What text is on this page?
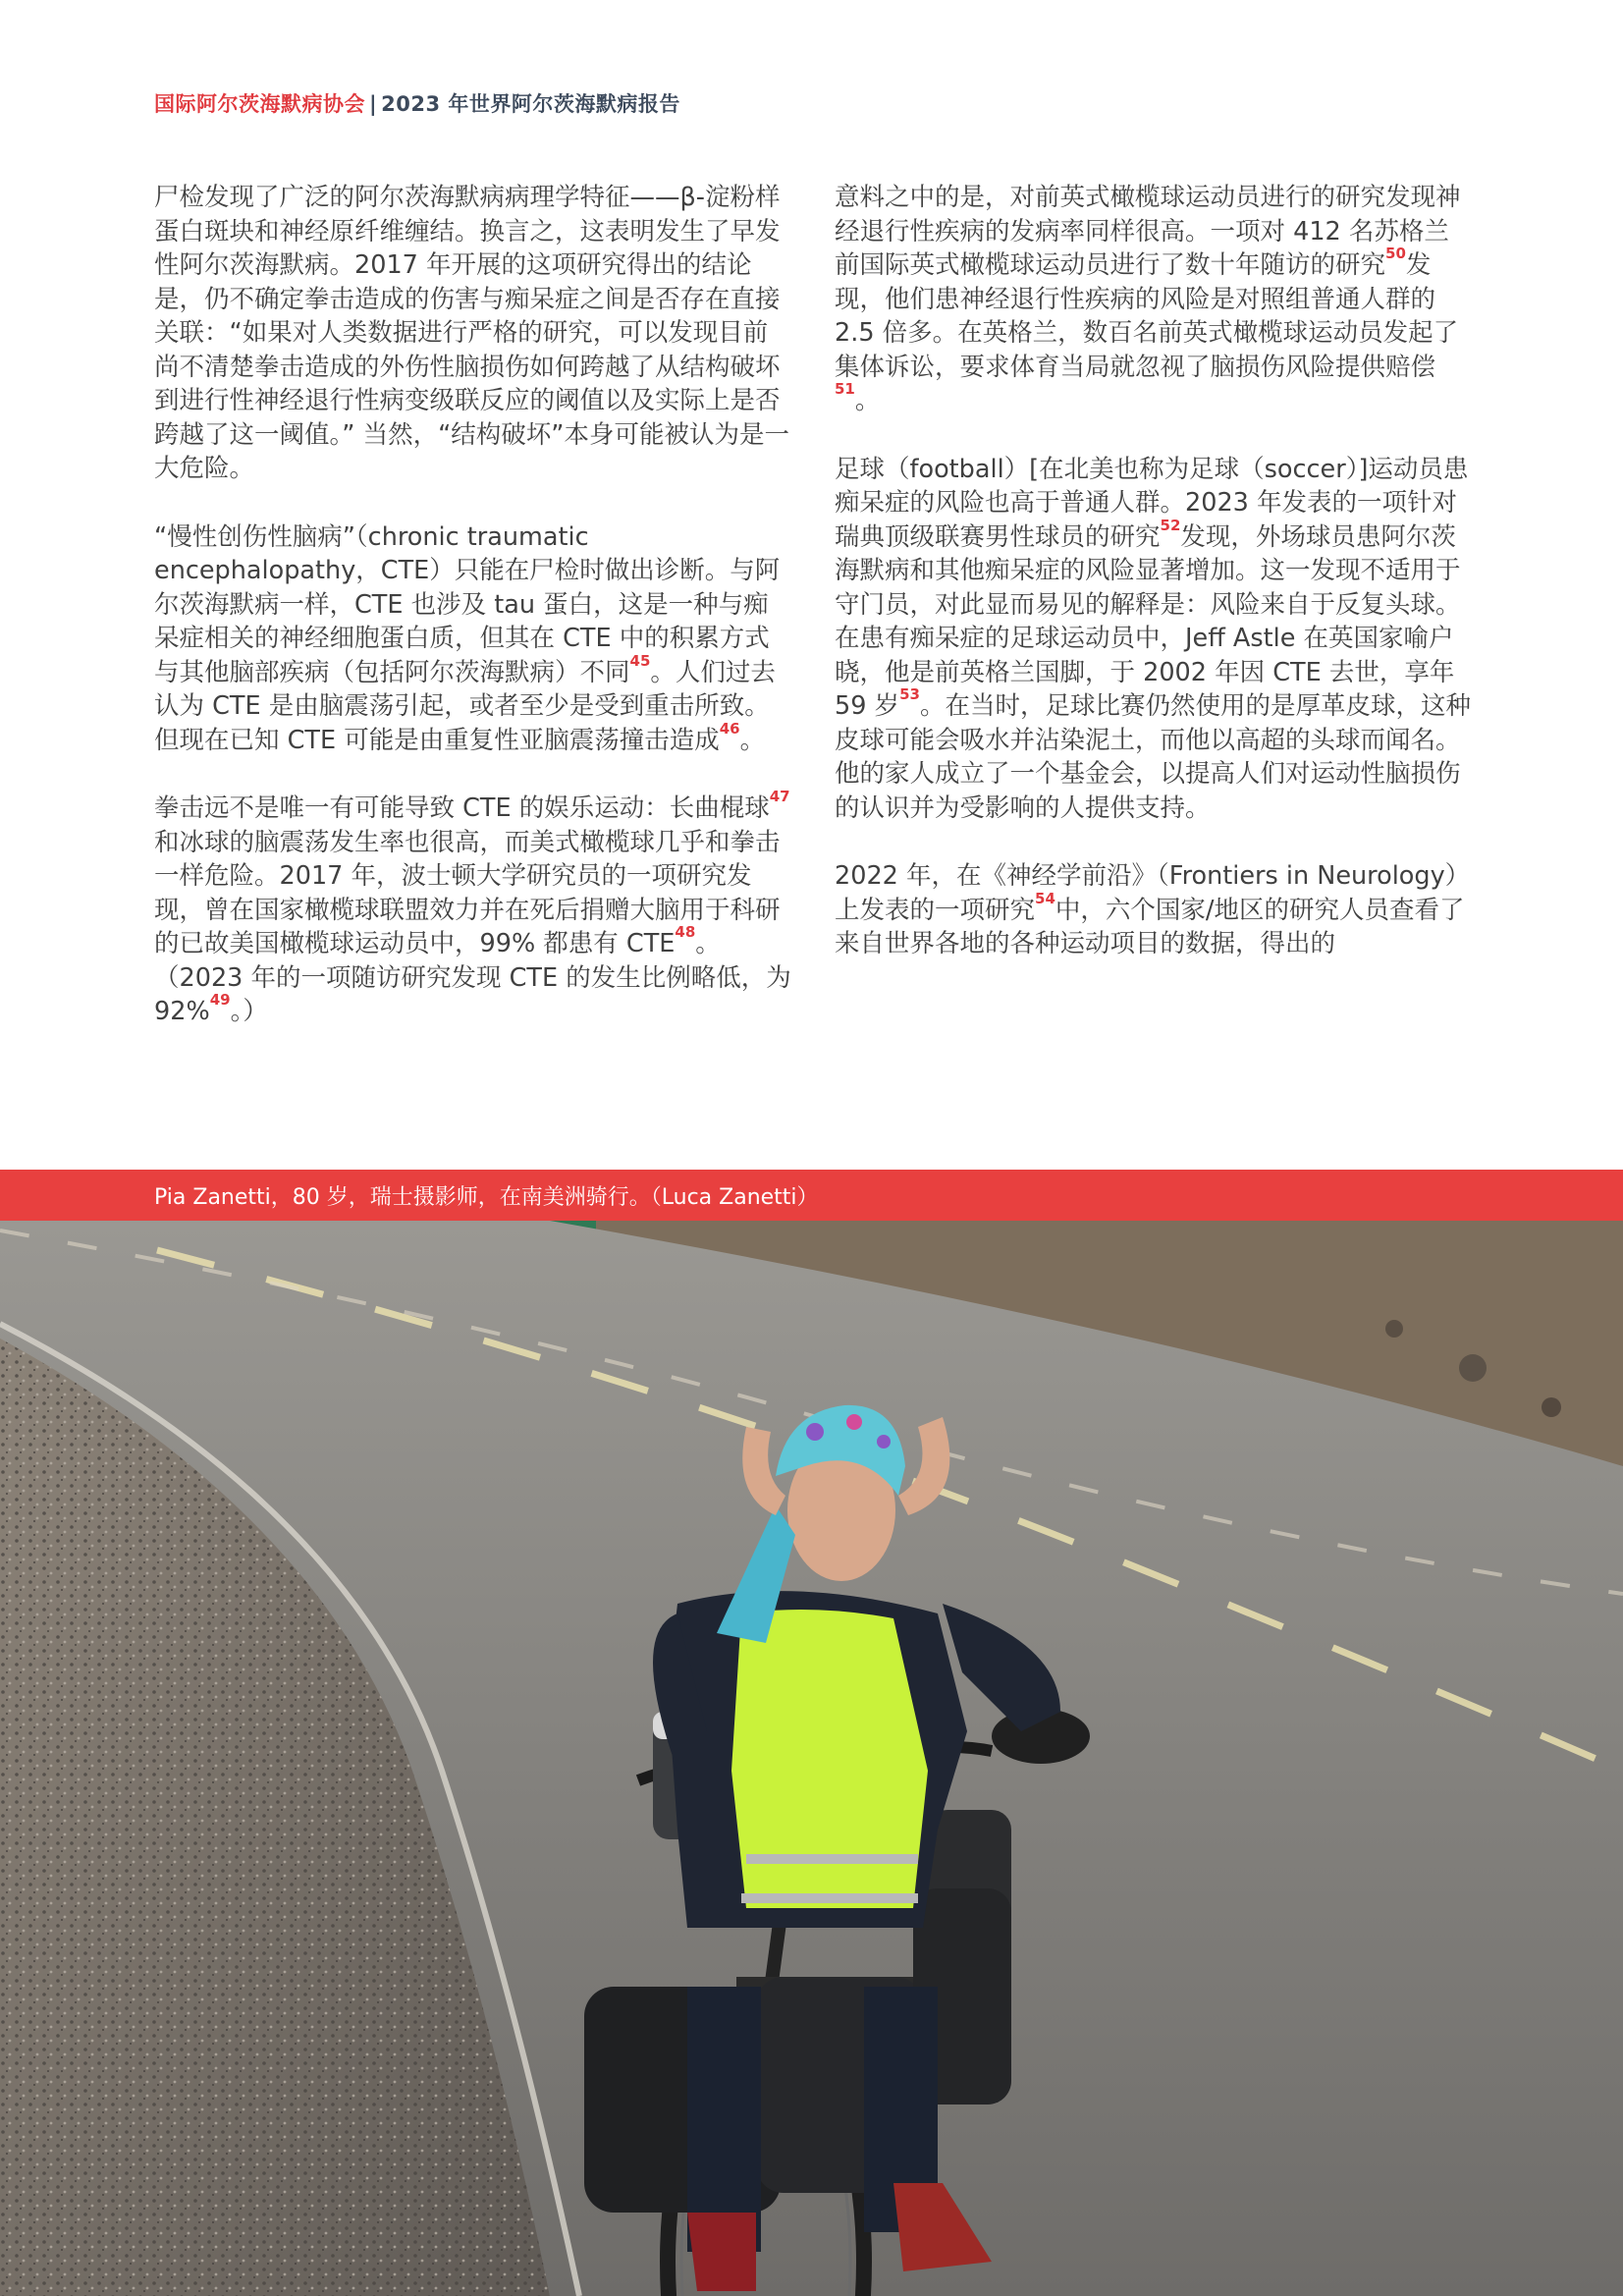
国际阿尔茨海默病协会 | 2023 年世界阿尔茨海默病报告

尸检发现了广泛的阿尔茨海默病病理学特征——β-淀粉样蛋白斑块和神经原纤维缠结。换言之，这表明发生了早发性阿尔茨海默病。2017 年开展的这项研究得出的结论是，仍不确定拳击造成的伤害与痴呆症之间是否存在直接关联：“如果对人类数据进行严格的研究，可以发现目前尚不清楚拳击造成的外伤性脑损伤如何跨越了从结构破坏到进行性神经退行性病变级联反应的阈值以及实际上是否跨越了这一阈值。” 当然，“结构破坏”本身可能被认为是一大危险。

“慢性创伤性脑病”（chronic traumatic encephalopathy，CTE）只能在尸检时做出诊断。与阿尔茨海默病一样，CTE 也涉及 tau 蛋白，这是一种与痴呆症相关的神经细胞蛋白质，但其在 CTE 中的积累方式与其他脑部疾病（包括阿尔茨海默病）不同$^{45}$。人们过去认为 CTE 是由脑震荡引起，或者至少是受到重击所致。但现在已知 CTE 可能是由重复性亚脑震荡撞击造成$^{46}$。

拳击远不是唯一有可能导致 CTE 的娱乐运动：长曲棍球$^{47}$和冰球的脑震荡发生率也很高，而美式橄榄球几乎和拳击一样危险。2017 年，波士顿大学研究员的一项研究发现，曾在国家橄榄球联盟效力并在死后捐赠大脑用于科研的已故美国橄榄球运动员中，99% 都患有 CTE$^{48}$。（2023 年的一项随访研究发现 CTE 的发生比例略低，为 92%$^{49}$。）

意料之中的是，对前英式橄榄球运动员进行的研究发现神经退行性疾病的发病率同样很高。一项对 412 名苏格兰前国际英式橄榄球运动员进行了数十年随访的研究$^{50}$发现，他们患神经退行性疾病的风险是对照组普通人群的 2.5 倍多。在英格兰，数百名前英式橄榄球运动员发起了集体诉讼，要求体育当局就忽视了脑损伤风险提供赔偿$^{51}$。

足球（football）[在北美也称为足球（soccer）]运动员患痴呆症的风险也高于普通人群。2023 年发表的一项针对瑞典顶级联赛男性球员的研究$^{52}$发现，外场球员患阿尔茨海默病和其他痴呆症的风险显著增加。这一发现不适用于守门员，对此显而易见的解释是：风险来自于反复头球。在患有痴呆症的足球运动员中，Jeff Astle 在英国家喻户晓，他是前英格兰国脚，于 2002 年因 CTE 去世，享年 59 岁$^{53}$。在当时，足球比赛仍然使用的是厚革皮球，这种皮球可能会吸水并沾染泥土，而他以高超的头球而闻名。他的家人成立了一个基金会，以提高人们对运动性脑损伤的认识并为受影响的人提供支持。

2022 年，在《神经学前沿》（Frontiers in Neurology）上发表的一项研究$^{54}$中，六个国家/地区的研究人员查看了来自世界各地的各种运动项目的数据，得出的

Pia Zanetti，80 岁，瑞士摄影师，在南美洲骑行。（Luca Zanetti）
